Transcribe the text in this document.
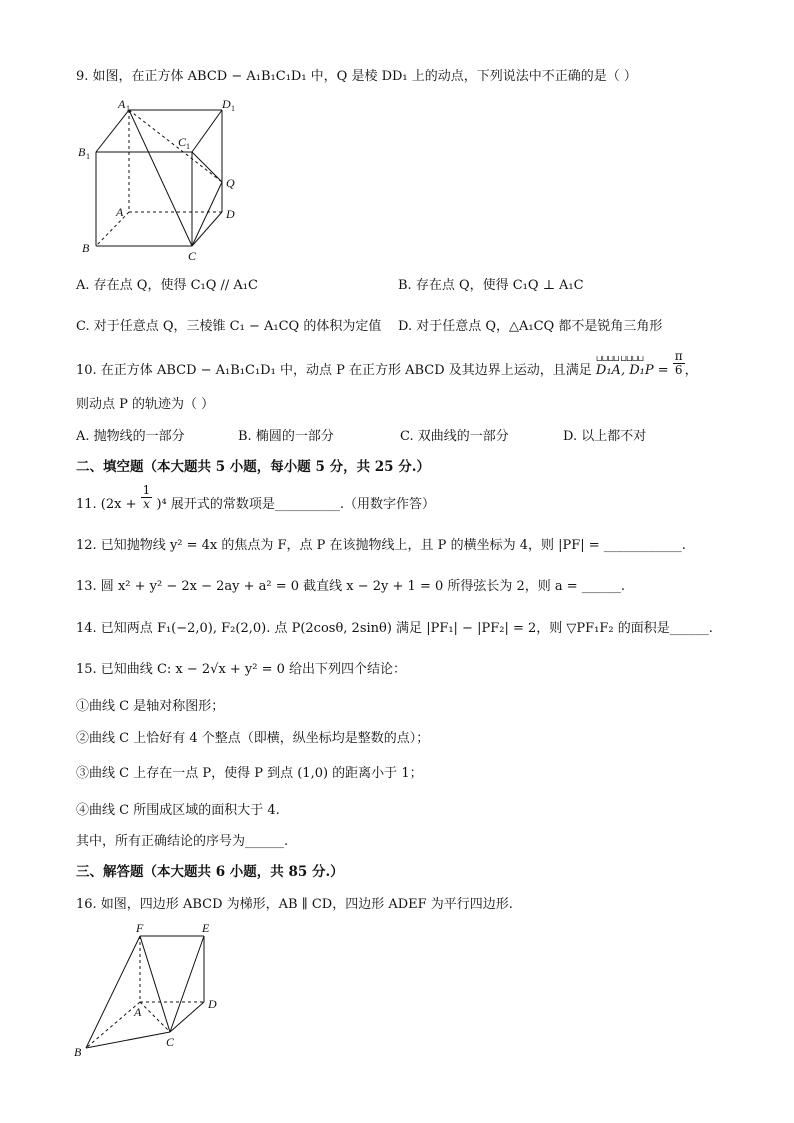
9. 如图，在正方体 ABCD − A₁B₁C₁D₁ 中，Q 是棱 DD₁ 上的动点，下列说法中不正确的是（ ）
A 1	D 1
B 1
C 1
Q
A	D
B
C
A. 存在点 Q，使得 C₁Q // A₁C	B. 存在点 Q，使得 C₁Q ⊥ A₁C
C. 对于任意点 Q，三棱锥 C₁ − A₁CQ 的体积为定值 D. 对于任意点 Q，△A₁CQ 都不是锐角三角形
10. 在正方体 ABCD − A₁B₁C₁D₁ 中，动点 P 在正方形 ABCD 及其边界上运动，且满足
⊔⊔⊔⊔ ⊔⊔⊔⊔
D₁A, $D_1P = \frac{\pi}{6}$ ，
则动点 P 的轨迹为（ ）
A. 抛物线的一部分	B. 椭圆的一部分	C. 双曲线的一部分	D. 以上都不对
二、填空题（本大题共 5 小题，每小题 5 分，共 25 分.）
11. $(2x + \frac{1}{x} )^4$ 展开式的常数项是__________.（用数字作答）
12. 已知抛物线 y² = 4x 的焦点为 F，点 P 在该抛物线上，且 P 的横坐标为 4，则 |PF| = ____________.
13. 圆 x² + y² − 2x − 2ay + a² = 0 截直线 x − 2y + 1 = 0 所得弦长为 2，则 a = ______.
14. 已知两点 F₁(−2,0), F₂(2,0). 点 P(2cosθ, 2sinθ) 满足 |PF₁| − |PF₂| = 2，则 ▽PF₁F₂ 的面积是______.
15. 已知曲线 C: x − 2√x + y² = 0 给出下列四个结论：
①曲线 C 是轴对称图形；
②曲线 C 上恰好有 4 个整点（即横，纵坐标均是整数的点）；
③曲线 C 上存在一点 P，使得 P 到点 (1,0) 的距离小于 1；
④曲线 C 所围成区域的面积大于 4.
其中，所有正确结论的序号为______.
三、解答题（本大题共 6 小题，共 85 分.）
16. 如图，四边形 ABCD 为梯形，AB ∥ CD，四边形 ADEF 为平行四边形.
F	E
A
D
B
C
